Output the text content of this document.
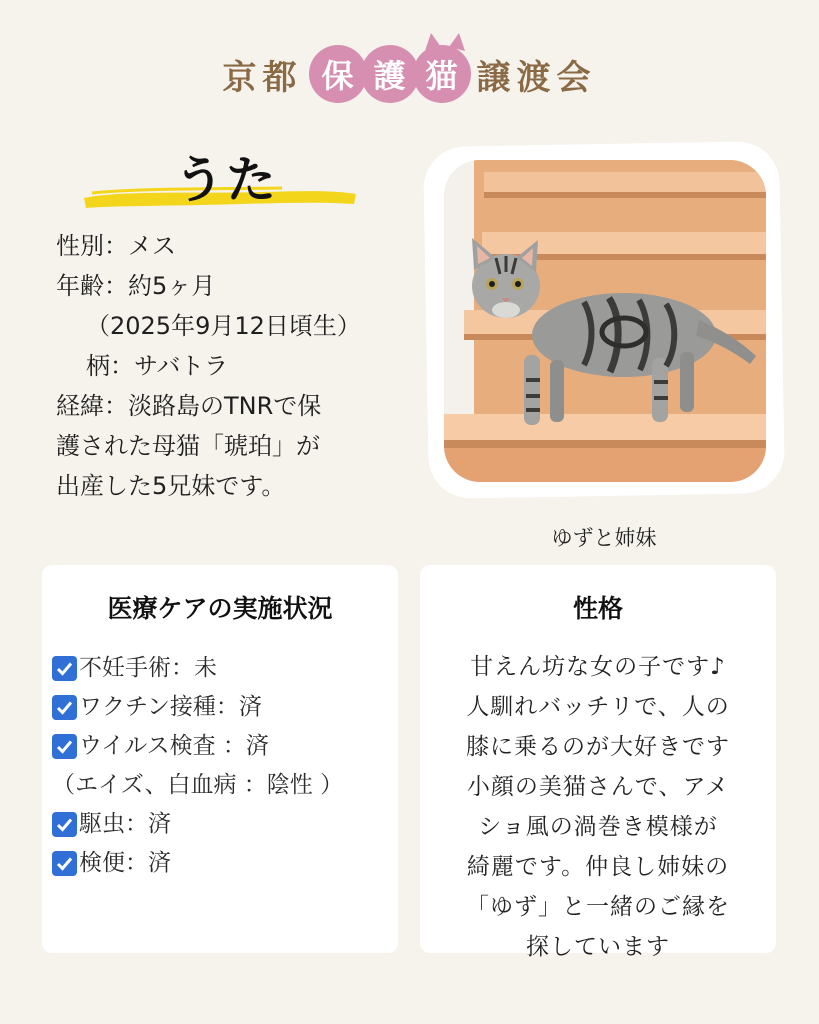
京都 保 護 猫 譲渡会
うた
性別：メス
年齢：約5ヶ月
（2025年9月12日頃生）
柄：サバトラ
経緯：淡路島のTNRで保
護された母猫「琥珀」が
出産した5兄妹です。
ゆずと姉妹
医療ケアの実施状況
不妊手術：未
ワクチン接種：済
ウイルス検査 ：済
（エイズ、白血病 ：陰性 ）
駆虫：済
検便：済
性格
甘えん坊な女の子です♪
人馴れバッチリで、人の
膝に乗るのが大好きです
小顔の美猫さんで、アメ
ショ風の渦巻き模様が
綺麗です。仲良し姉妹の
「ゆず」と一緒のご縁を
探しています
